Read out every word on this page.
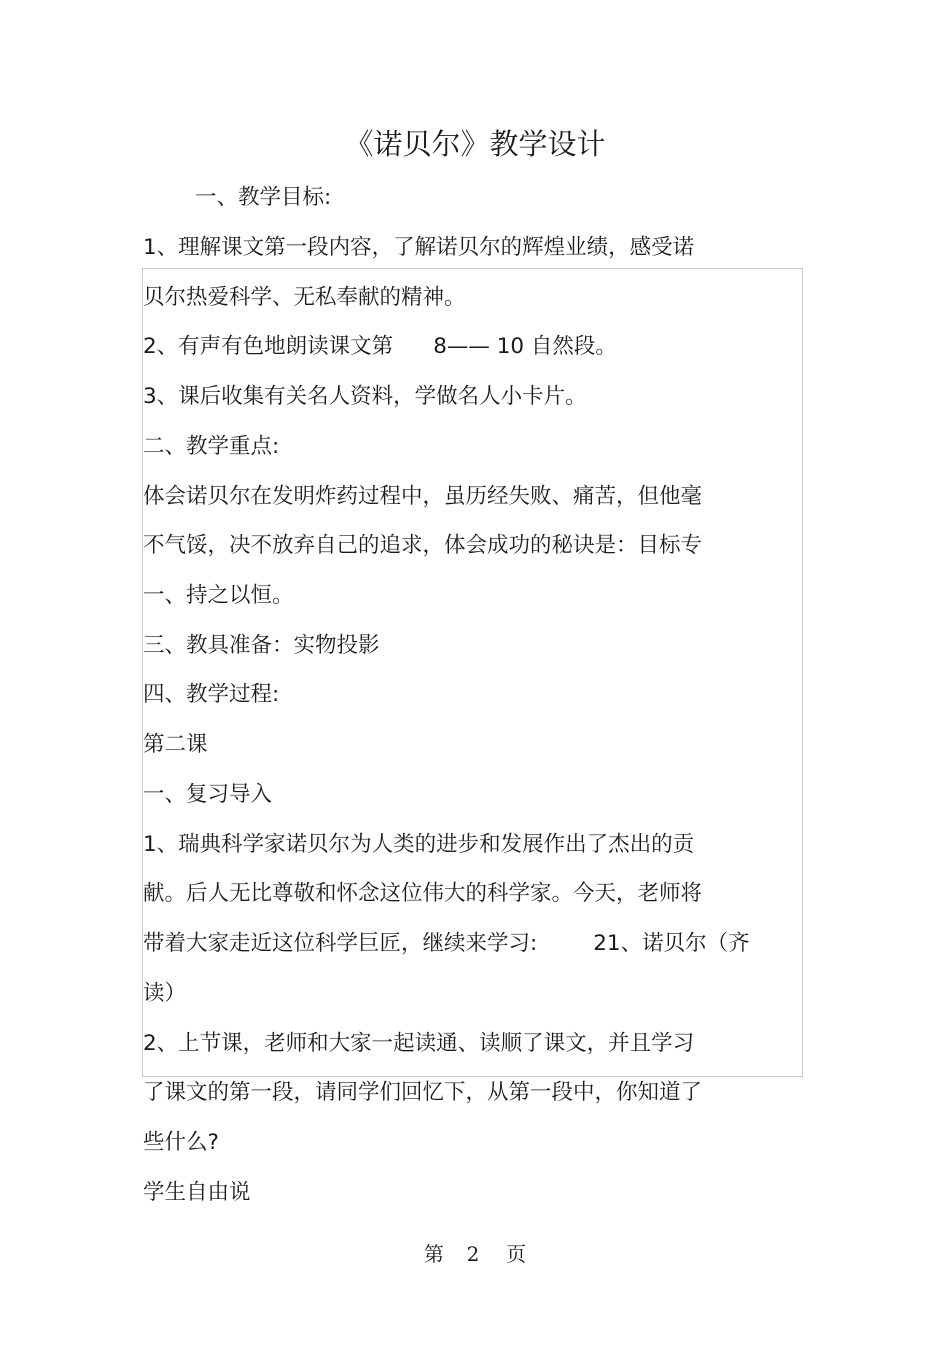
《诺贝尔》教学设计
一、教学目标:
1、理解课文第一段内容，了解诺贝尔的辉煌业绩，感受诺
贝尔热爱科学、无私奉献的精神。
2、有声有色地朗读课文第 8—— 10 自然段。
3、课后收集有关名人资料，学做名人小卡片。
二、教学重点:
体会诺贝尔在发明炸药过程中，虽历经失败、痛苦，但他毫
不气馁，决不放弃自己的追求，体会成功的秘诀是：目标专
一、持之以恒。
三、教具准备：实物投影
四、教学过程:
第二课
一、复习导入
1、瑞典科学家诺贝尔为人类的进步和发展作出了杰出的贡
献。后人无比尊敬和怀念这位伟大的科学家。今天，老师将
带着大家走近这位科学巨匠，继续来学习:	21、诺贝尔（齐
读）
2、上节课，老师和大家一起读通、读顺了课文，并且学习
了课文的第一段，请同学们回忆下，从第一段中，你知道了
些什么?
学生自由说
第 2 页
